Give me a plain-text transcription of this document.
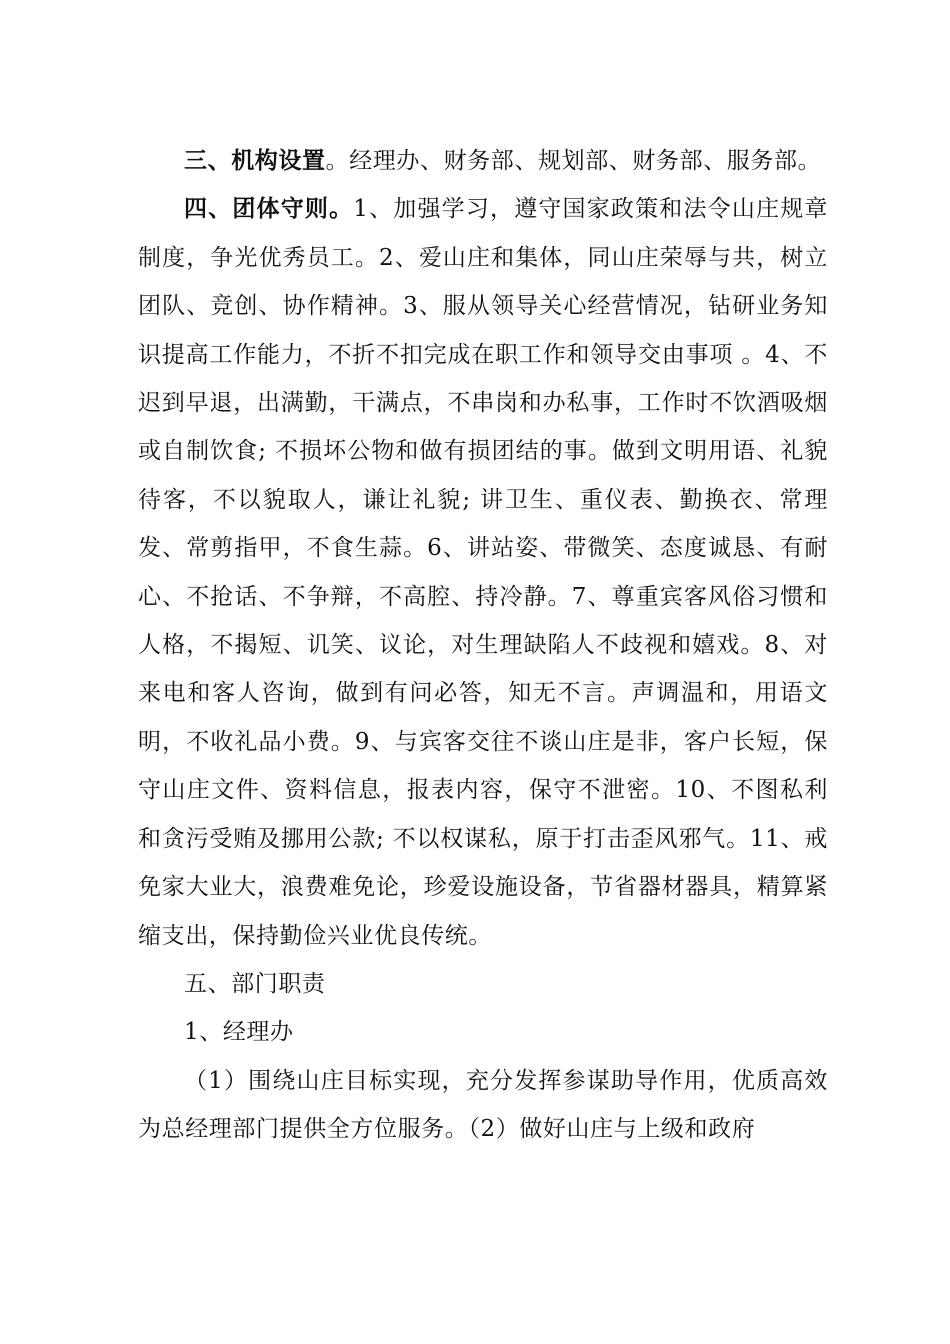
三、机构设置。经理办、财务部、规划部、财务部、服务部。

四、团体守则。1、加强学习，遵守国家政策和法令山庄规章制度，争光优秀员工。2、爱山庄和集体，同山庄荣辱与共，树立团队、竞创、协作精神。3、服从领导关心经营情况，钻研业务知识提高工作能力，不折不扣完成在职工作和领导交由事项 。4、不迟到早退，出满勤，干满点，不串岗和办私事，工作时不饮酒吸烟或自制饮食; 不损坏公物和做有损团结的事。做到文明用语、礼貌待客，不以貌取人，谦让礼貌; 讲卫生、重仪表、勤换衣、常理发、常剪指甲，不食生蒜。6、讲站姿、带微笑、态度诚恳、有耐心、不抢话、不争辩，不高腔、持冷静。7、尊重宾客风俗习惯和人格，不揭短、讥笑、议论，对生理缺陷人不歧视和嬉戏。8、对来电和客人咨询，做到有问必答，知无不言。声调温和，用语文明，不收礼品小费。9、与宾客交往不谈山庄是非，客户长短，保守山庄文件、资料信息，报表内容，保守不泄密。10、不图私利和贪污受贿及挪用公款; 不以权谋私，原于打击歪风邪气。11、戒免家大业大，浪费难免论，珍爱设施设备，节省器材器具，精算紧缩支出，保持勤俭兴业优良传统。

五、部门职责

1、经理办

（1）围绕山庄目标实现，充分发挥参谋助导作用，优质高效为总经理部门提供全方位服务。（2）做好山庄与上级和政府
